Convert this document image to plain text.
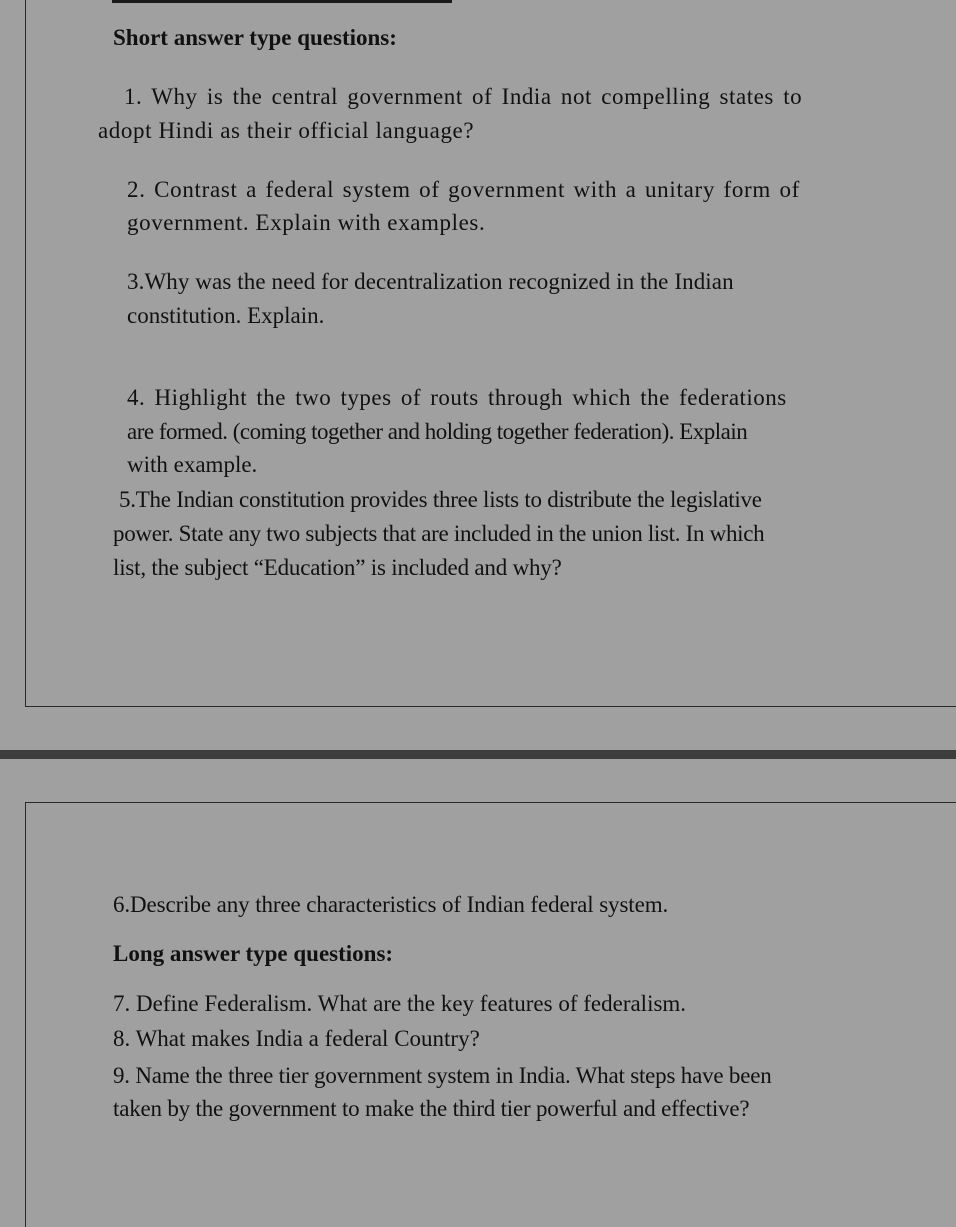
Short answer type questions:

1. Why is the central government of India not compelling states to

adopt Hindi as their official language?

2. Contrast a federal system of government with a unitary form of

government. Explain with examples.

3.Why was the need for decentralization recognized in the Indian

constitution. Explain.

4. Highlight the two types of routs through which the federations

are formed. (coming together and holding together federation). Explain

with example.

5.The Indian constitution provides three lists to distribute the legislative

power. State any two subjects that are included in the union list. In which

list, the subject “Education” is included and why?

6.Describe any three characteristics of Indian federal system.

Long answer type questions:

7. Define Federalism. What are the key features of federalism.

8. What makes India a federal Country?

9. Name the three tier government system in India. What steps have been

taken by the government to make the third tier powerful and effective?
